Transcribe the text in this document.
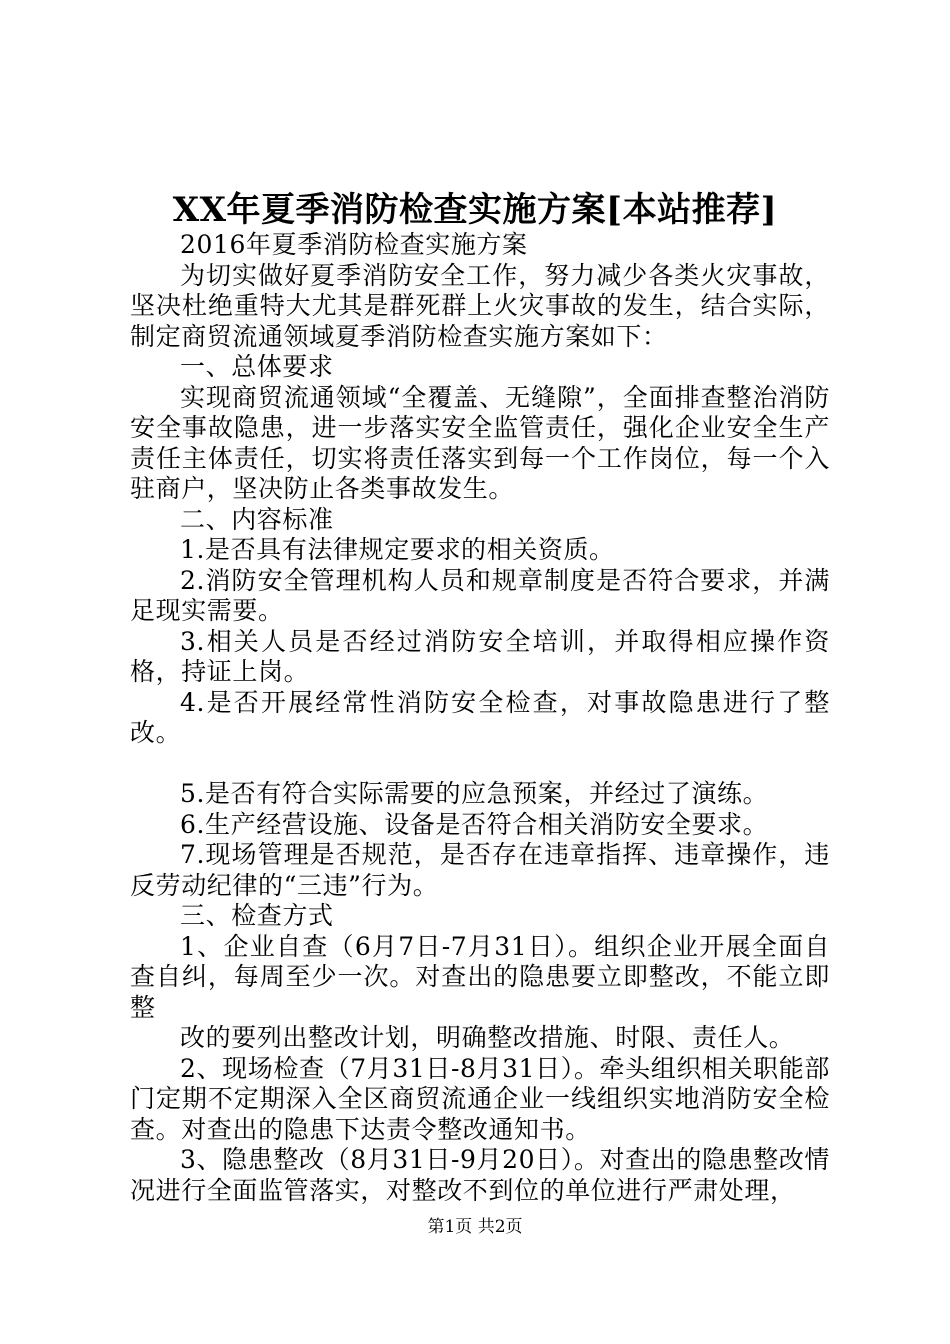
XX年夏季消防检查实施方案[本站推荐]

2016年夏季消防检查实施方案

为切实做好夏季消防安全工作，努力减少各类火灾事故，坚决杜绝重特大尤其是群死群上火灾事故的发生，结合实际，制定商贸流通领域夏季消防检查实施方案如下：

一、总体要求

实现商贸流通领域“全覆盖、无缝隙”，全面排查整治消防安全事故隐患，进一步落实安全监管责任，强化企业安全生产责任主体责任，切实将责任落实到每一个工作岗位，每一个入驻商户，坚决防止各类事故发生。

二、内容标准

1.是否具有法律规定要求的相关资质。

2.消防安全管理机构人员和规章制度是否符合要求，并满足现实需要。

3.相关人员是否经过消防安全培训，并取得相应操作资格，持证上岗。

4.是否开展经常性消防安全检查，对事故隐患进行了整改。

5.是否有符合实际需要的应急预案，并经过了演练。

6.生产经营设施、设备是否符合相关消防安全要求。

7.现场管理是否规范，是否存在违章指挥、违章操作，违反劳动纪律的“三违”行为。

三、检查方式

1、企业自查（6月7日-7月31日）。组织企业开展全面自查自纠，每周至少一次。对查出的隐患要立即整改，不能立即整

改的要列出整改计划，明确整改措施、时限、责任人。

2、现场检查（7月31日-8月31日）。牵头组织相关职能部门定期不定期深入全区商贸流通企业一线组织实地消防安全检查。对查出的隐患下达责令整改通知书。

3、隐患整改（8月31日-9月20日）。对查出的隐患整改情况进行全面监管落实，对整改不到位的单位进行严肃处理，

第1页 共2页
